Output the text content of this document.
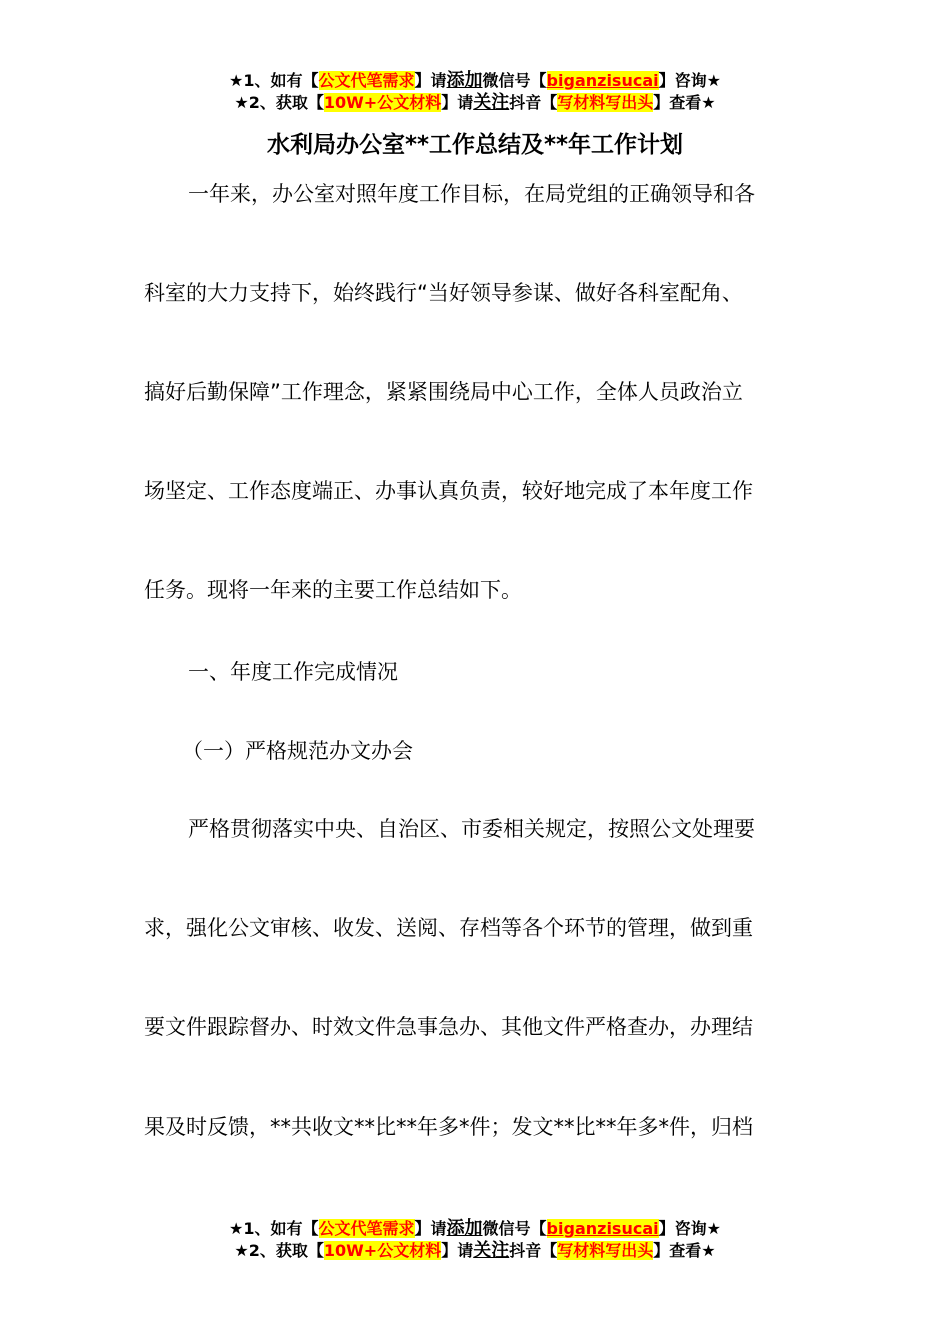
★1、如有【公文代笔需求】请添加微信号【biganzisucai】咨询★
★2、获取【10W+公文材料】请关注抖音【写材料写出头】查看★
水利局办公室**工作总结及**年工作计划

一年来，办公室对照年度工作目标，在局党组的正确领导和各

科室的大力支持下，始终践行“当好领导参谋、做好各科室配角、

搞好后勤保障”工作理念，紧紧围绕局中心工作，全体人员政治立

场坚定、工作态度端正、办事认真负责，较好地完成了本年度工作

任务。现将一年来的主要工作总结如下。

一、年度工作完成情况

（一）严格规范办文办会

严格贯彻落实中央、自治区、市委相关规定，按照公文处理要

求，强化公文审核、收发、送阅、存档等各个环节的管理，做到重

要文件跟踪督办、时效文件急事急办、其他文件严格查办，办理结

果及时反馈，**共收文**比**年多*件；发文**比**年多*件，归档

★1、如有【公文代笔需求】请添加微信号【biganzisucai】咨询★
★2、获取【10W+公文材料】请关注抖音【写材料写出头】查看★
